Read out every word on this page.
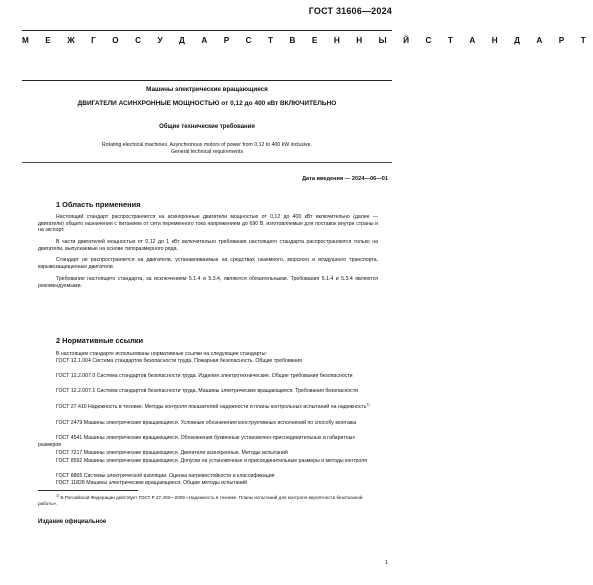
ГОСТ 31606—2024
М Е Ж Г О С У Д А Р С Т В Е Н Н Ы Й С Т А Н Д А Р Т
Машины электрические вращающиеся
ДВИГАТЕЛИ АСИНХРОННЫЕ МОЩНОСТЬЮ от 0,12 до 400 кВт ВКЛЮЧИТЕЛЬНО
Общие технические требования
Rotating electrical machines. Asynchronous motors of power from 0,12 to 400 kW inclusive.
General technical requirements
Дата введения — 2024—06—01
1 Область применения
Настоящий стандарт распространяется на асинхронные двигатели мощностью от 0,12 до 400 кВт включительно (далее — двигатели) общего назначения с питанием от сети переменного тока напряжением до 690 В, изготовляемые для поставок внутри страны и на экспорт.
В части двигателей мощностью от 0,12 до 1 кВт включительно требования настоящего стандарта распространяются только на двигатели, выпускаемые на основе типоразмерного ряда.
Стандарт не распространяется на двигатели, устанавливаемые на средствах наземного, морского и воздушного транспорта, взрывозащищенные двигатели.
Требования настоящего стандарта, за исключением 5.1.4 и 5.3.4, являются обязательными. Требования 5.1.4 и 5.3.4 являются рекомендуемыми.
2 Нормативные ссылки
В настоящем стандарте использованы нормативные ссылки на следующие стандарты:
ГОСТ 12.1.004 Система стандартов безопасности труда. Пожарная безопасность. Общие требования
ГОСТ 12.2.007.0 Система стандартов безопасности труда. Изделия электротехнические. Общие требования безопасности
ГОСТ 12.2.007.1 Система стандартов безопасности труда. Машины электрические вращающиеся. Требования безопасности
ГОСТ 27.410 Надежность в технике. Методы контроля показателей надежности и планы контрольных испытаний на надежность$^{1)}$
ГОСТ 2479 Машины электрические вращающиеся. Условные обозначения конструктивных исполнений по способу монтажа
ГОСТ 4541 Машины электрические вращающиеся. Обозначения буквенные установочно-присоединительных и габаритных размеров
ГОСТ 7217 Машины электрические вращающиеся. Двигатели асинхронные. Методы испытаний
ГОСТ 8592 Машины электрические вращающиеся. Допуски на установочные и присоединительные размеры и методы контроля
ГОСТ 8865 Системы электрической изоляции. Оценка нагревостойкости и классификация
ГОСТ 11828 Машины электрические вращающиеся. Общие методы испытаний
$^{1)}$ В Российской Федерации действует ГОСТ Р 27.403—2009 «Надежность в технике. Планы испытаний для контроля вероятности безотказной работы».
Издание официальное
1
